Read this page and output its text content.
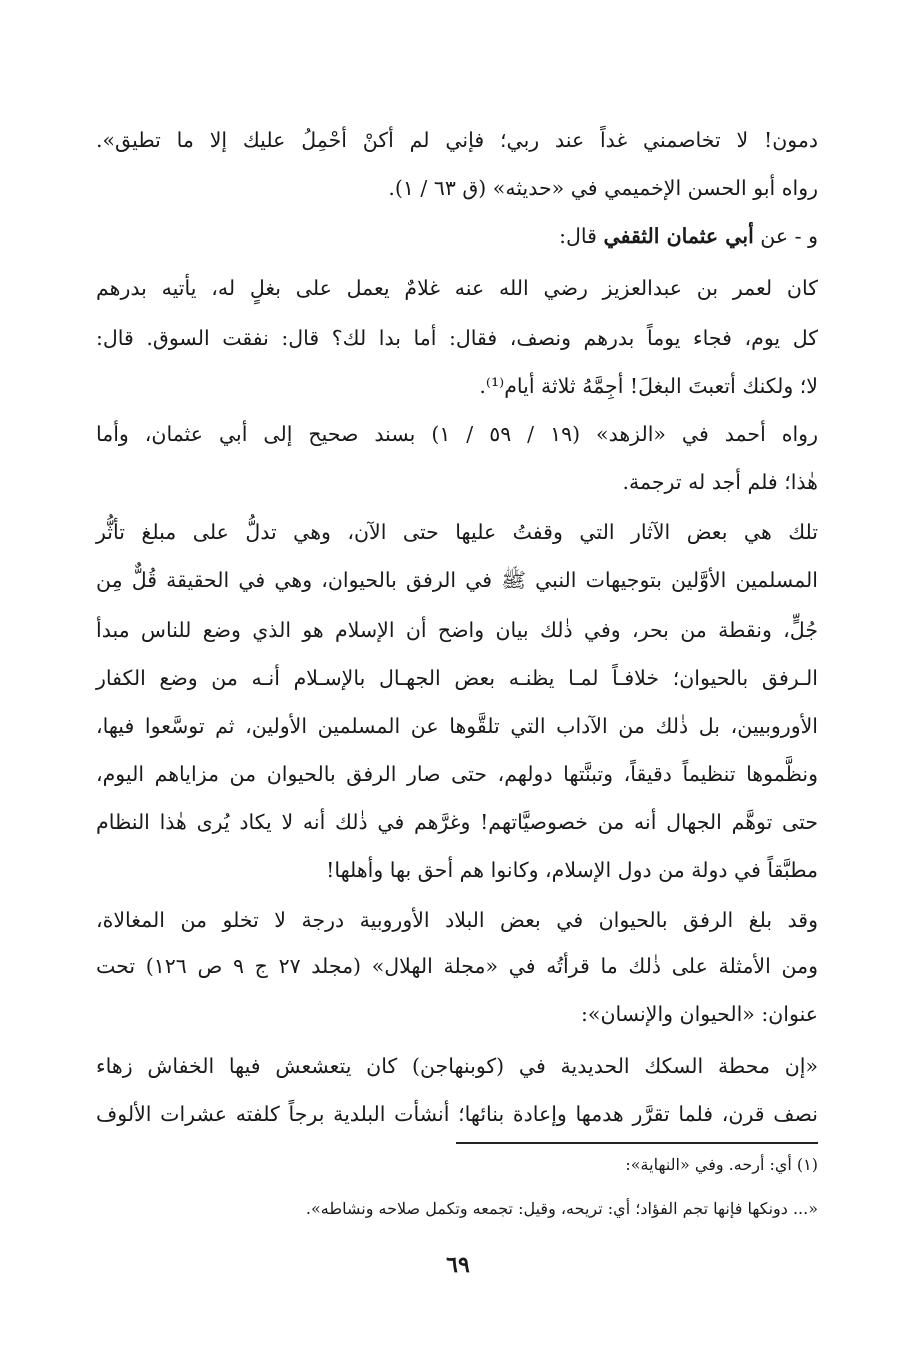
دمون! لا تخاصمني غداً عند ربي؛ فإني لم أكنْ أحْمِلُ عليك إلا ما تطيق».
رواه أبو الحسن الإخميمي في «حديثه» (ق ٦٣ / ١).
و - عن أبي عثمان الثقفي قال:
كان لعمر بن عبدالعزيز رضي الله عنه غلامٌ يعمل على بغلٍ له، يأتيه بدرهم
كل يوم، فجاء يوماً بدرهم ونصف، فقال: أما بدا لك؟ قال: نفقت السوق. قال:
لا؛ ولكنك أتعبتَ البغلَ! أجِمَّهُ ثلاثة أيام⁽¹⁾.
رواه أحمد في «الزهد» (١٩ / ٥٩ / ١) بسند صحيح إلى أبي عثمان، وأما
هٰذا؛ فلم أجد له ترجمة.
تلك هي بعض الآثار التي وقفتُ عليها حتى الآن، وهي تدلُّ على مبلغ تأثُّر
المسلمين الأوَّلين بتوجيهات النبي ﷺ في الرفق بالحيوان، وهي في الحقيقة قُلٌّ مِن
جُلٍّ، ونقطة من بحر، وفي ذٰلك بيان واضح أن الإسلام هو الذي وضع للناس مبدأ
الـرفق بالحيوان؛ خلافـاً لمـا يظنـه بعض الجهـال بالإسـلام أنـه من وضع الكفار
الأوروبيين، بل ذٰلك من الآداب التي تلقَّوها عن المسلمين الأولين، ثم توسَّعوا فيها،
ونظَّموها تنظيماً دقيقاً، وتبنَّتها دولهم، حتى صار الرفق بالحيوان من مزاياهم اليوم،
حتى توهَّم الجهال أنه من خصوصيَّاتهم! وغرَّهم في ذٰلك أنه لا يكاد يُرى هٰذا النظام
مطبَّقاً في دولة من دول الإسلام، وكانوا هم أحق بها وأهلها!
وقد بلغ الرفق بالحيوان في بعض البلاد الأوروبية درجة لا تخلو من المغالاة،
ومن الأمثلة على ذٰلك ما قرأتُه في «مجلة الهلال» (مجلد ٢٧ ج ٩ ص ١٢٦) تحت
عنوان: «الحيوان والإنسان»:
«إن محطة السكك الحديدية في (كوبنهاجن) كان يتعشعش فيها الخفاش زهاء
نصف قرن، فلما تقرَّر هدمها وإعادة بنائها؛ أنشأت البلدية برجاً كلفته عشرات الألوف
(١) أي: أرحه. وفي «النهاية»:
«... دونكها فإنها تجم الفؤاد؛ أي: تريحه، وقيل: تجمعه وتكمل صلاحه ونشاطه».
٦٩
